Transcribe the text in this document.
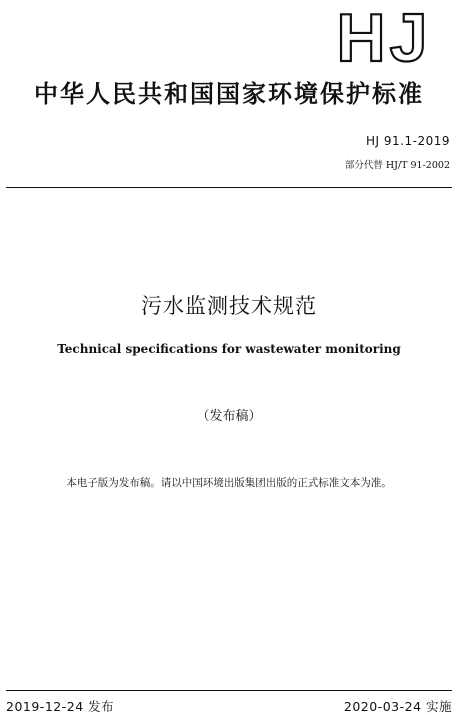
HJ
中华人民共和国国家环境保护标准
HJ 91.1-2019
部分代替 HJ/T 91-2002
污水监测技术规范
Technical specifications for wastewater monitoring
（发布稿）
本电子版为发布稿。请以中国环境出版集团出版的正式标准文本为准。
2019-12-24 发布	2020-03-24 实施
